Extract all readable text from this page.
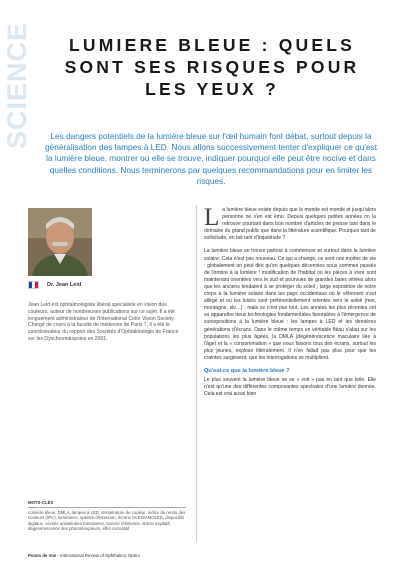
SCIENCE	LUMIERE BLEUE : QUELS SONT SES RISQUES POUR LES YEUX ?

Les dangers potentiels de la lumière bleue sur l'œil humain font débat, surtout depuis la généralisation des lampes à LED. Nous allons successivement tenter d'expliquer ce qu'est la lumière bleue, montrer où elle se trouve, indiquer pourquoi elle peut être nocive et dans quelles conditions. Nous terminerons par quelques recommandations pour en limiter les risques.

Dr. Jean Leid

Jean Leid est ophtalmologiste libéral spécialiste en vision des couleurs, auteur de nombreuses publications sur ce sujet. Il a été longuement administrateur de l'International Color Vision Society. Chargé de cours à la faculté de médecine de Paris 7, il a été le coordonnateur du rapport des Sociétés d'Ophtalmologie de France sur les Dyschromatopsies en 2001.

La lumière bleue existe depuis que le monde est monde et jusqu'alors personne ne s'en est ému. Depuis quelques petites années on la retrouve pourtant dans bon nombre d'articles de presse tant dans le domaine du grand public que dans la littérature scientifique. Pourquoi tant de sollicitude, en fait tant d'inquiétude ?

La lumière bleue se trouve partout à commencer et surtout dans la lumière solaire. Cela n'est pas nouveau. Ce qui a changé, ce sont nos modes de vie : globalement on peut dire qu'en quelques décennies nous sommes passés de l'ombre à la lumière ! modification de l'habitat où les pièces à vivre sont maintenant orientées vers le sud et pourvues de grandes baies vitrées alors que les anciens tendaient à se protéger du soleil ; large exposition de notre corps à la lumière solaire dans les pays occidentaux où le vêtement s'est allégé et où les loisirs sont préférentiellement orientés vers le soleil (mer, montagne, ski…) ; mais ce n'est pas tout. Les années les plus récentes ont vu apparaître deux technologies fondamentales favorables à l'émergence de surexpositions à la lumière bleue : les lampes à LED et les dernières générations d'écrans. Dans le même temps un véritable fléau s'abat sur les populations les plus âgées, la DMLA (dégénérescence maculaire liée à l'âge) et la « consommation » que nous faisons tous des écrans, surtout les plus jeunes, explose littéralement. Il n'en fallait pas plus pour que les craintes surgissent, que les interrogations se multiplient.

Qu'est-ce que la lumière bleue ?

Le plus souvent la lumière bleue ne se « voit » pas en tant que telle. Elle n'est qu'une des différentes composantes spectrales d'une lumière donnée. Cela est vrai aussi bien

MOTS-CLÉS
Lumière bleue, DMLA, lampes à LED, température de couleur, indice de rendu des couleurs (IRC), luminance, spectre d'émission, écrans OLED/AMOLED, dispositifs digitaux, cécités unilatérales transitoires, toxicité rétinienne, stress oxydatif, dégénérescence des photorécepteurs, effet cumulatif
Points de Vue - International Review of Ophthalmic Optics
